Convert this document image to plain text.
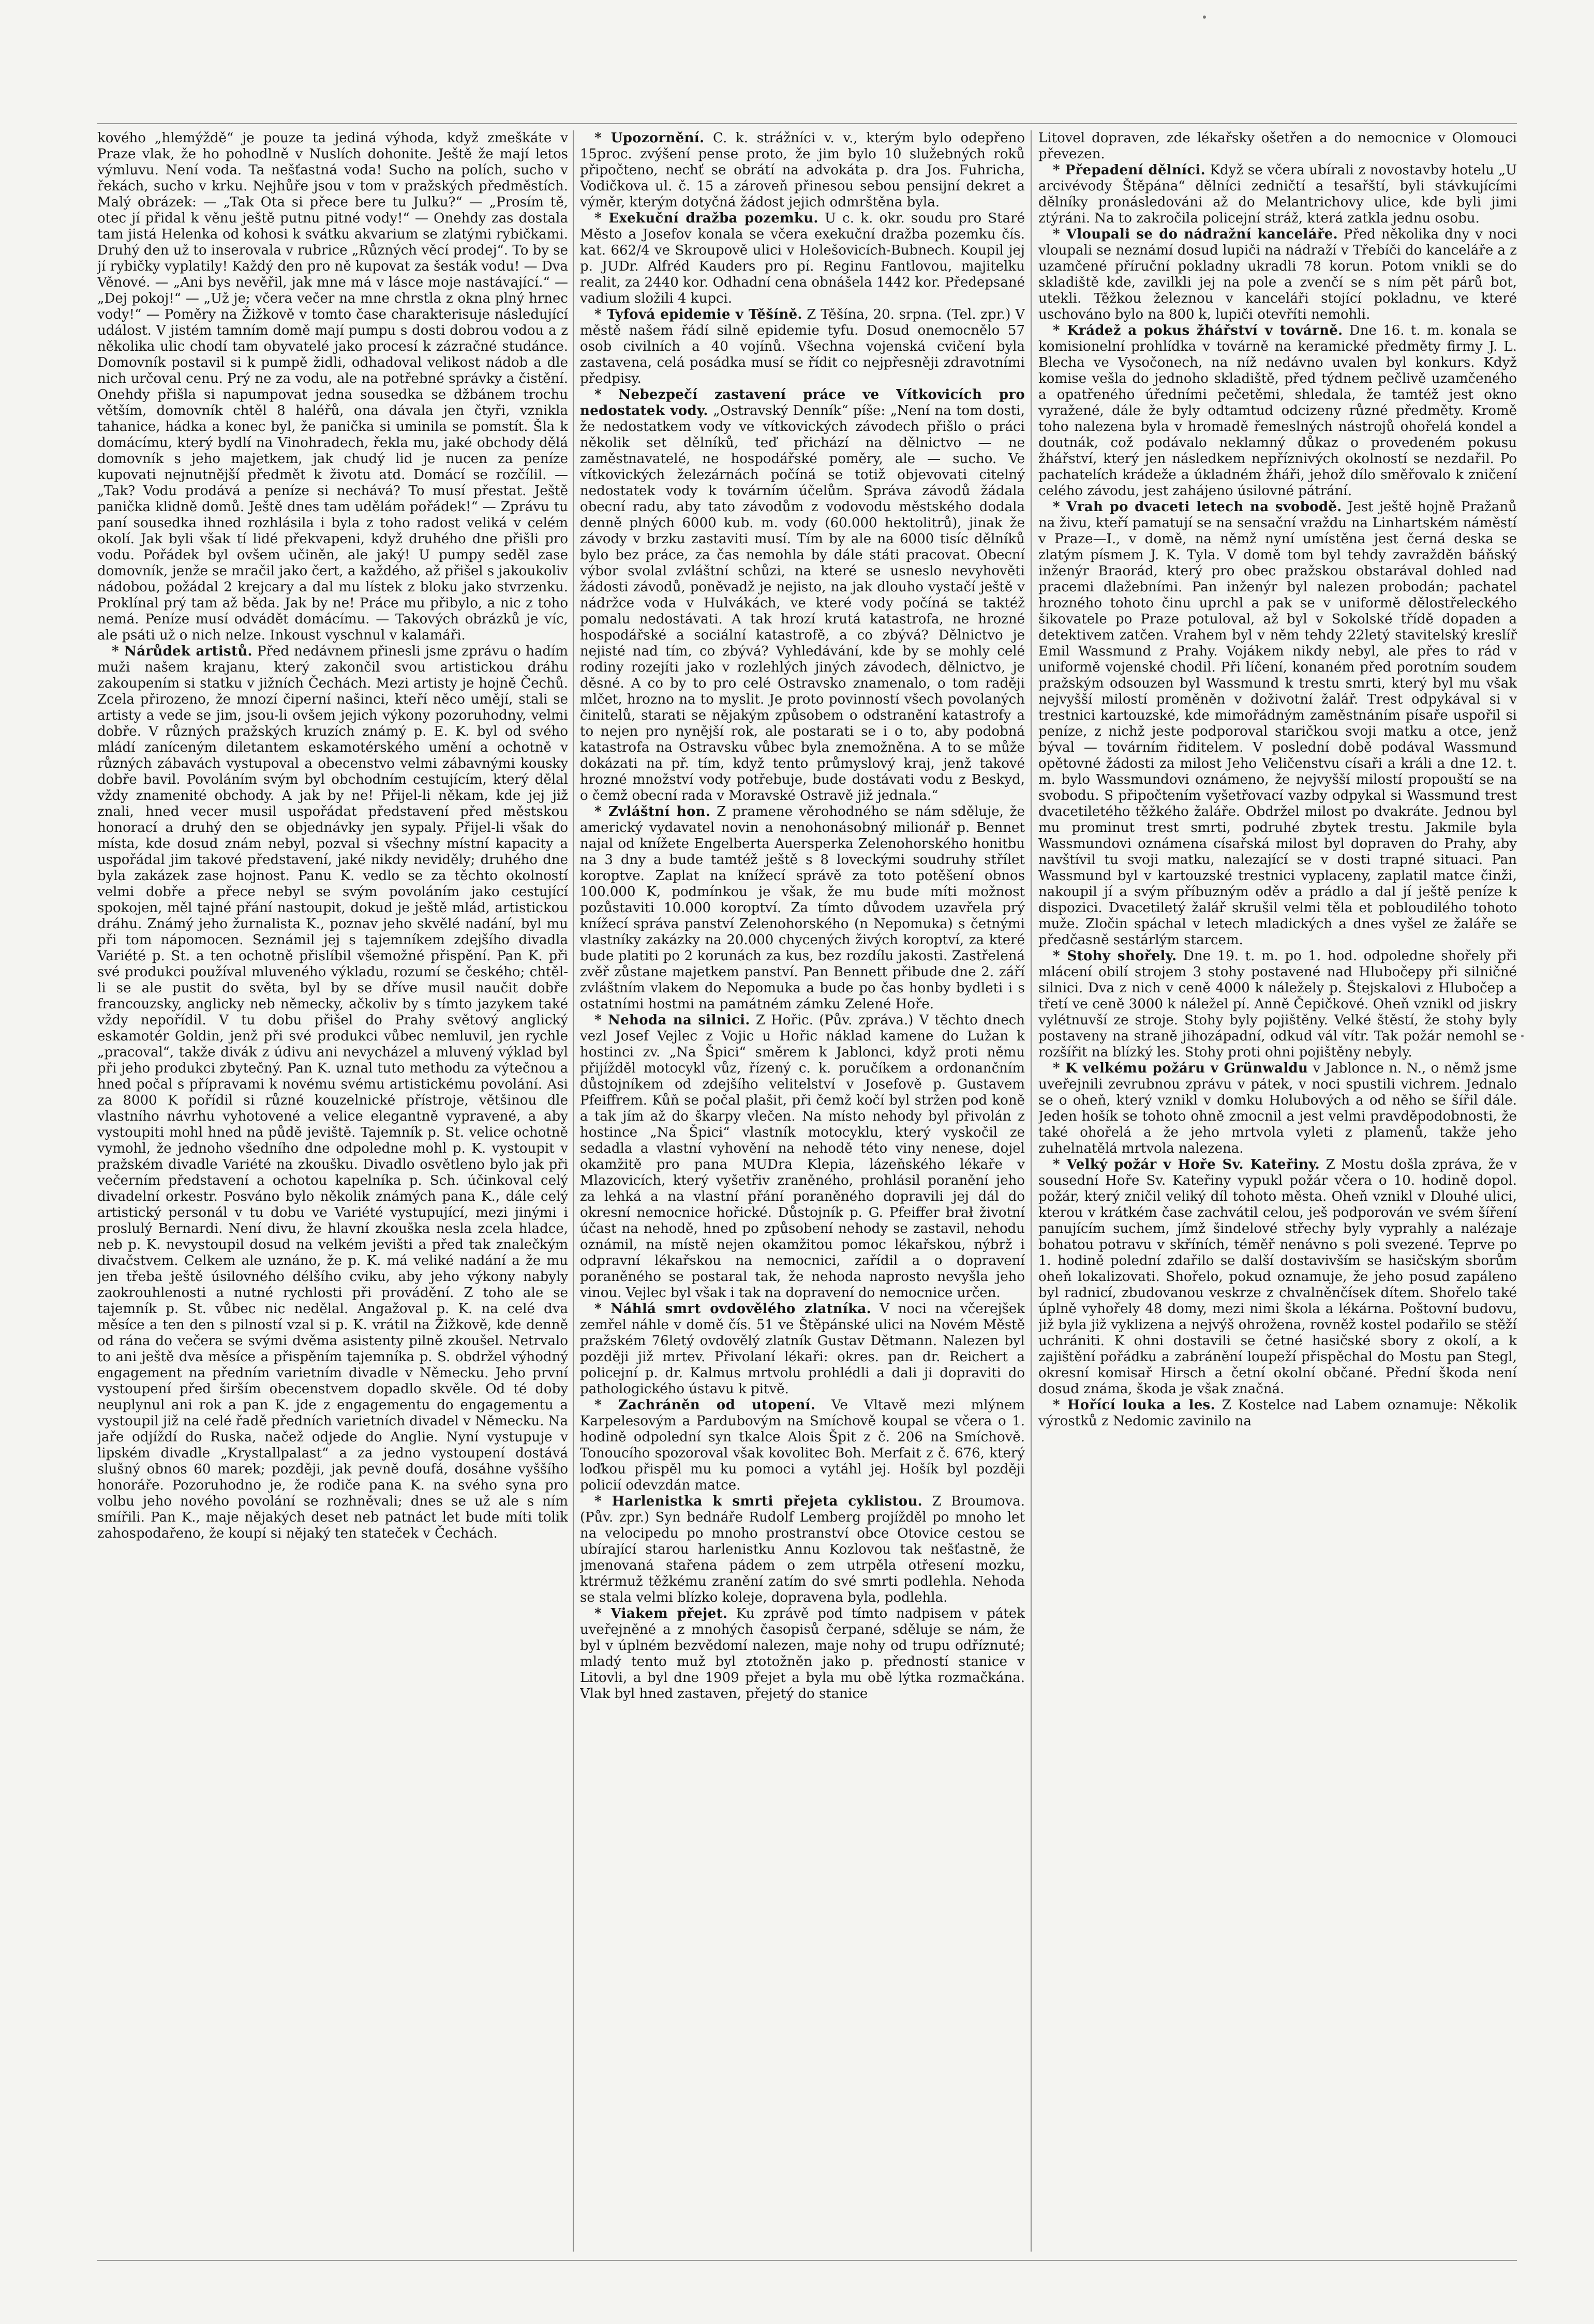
kového „hlemýždě“ je pouze ta jediná výhoda, když zmeškáte v Praze vlak, že ho pohodlně v Nuslích dohonite. Ještě že mají letos výmluvu. Není voda. Ta nešťastná voda! Sucho na polích, sucho v řekách, sucho v krku. Nejhůře jsou v tom v pražských předměstích. Malý obrázek: — „Tak Ota si přece bere tu Julku?“ — „Prosím tě, otec jí přidal k věnu ještě putnu pitné vody!“ — Onehdy zas dostala tam jistá Helenka od kohosi k svátku akvarium se zlatými rybičkami. Druhý den už to inserovala v rubrice „Různých věcí prodej“. To by se jí rybičky vyplatily! Každý den pro ně kupovat za šesták vodu! — Dva Věnové. — „Ani bys nevěřil, jak mne má v lásce moje nastávající.“ — „Dej pokoj!“ — „Už je; včera večer na mne chrstla z okna plný hrnec vody!“ — Poměry na Žižkově v tomto čase charakterisuje následující událost. V jistém tamním domě mají pumpu s dosti dobrou vodou a z několika ulic chodí tam obyvatelé jako procesí k zázračné studánce. Domovník postavil si k pumpě židli, odhadoval velikost nádob a dle nich určoval cenu. Prý ne za vodu, ale na potřebné správky a čistění. Onehdy přišla si napumpovat jedna sousedka se džbánem trochu větším, domovník chtěl 8 haléřů, ona dávala jen čtyři, vznikla tahanice, hádka a konec byl, že panička si uminila se pomstít. Šla k domácímu, který bydlí na Vinohradech, řekla mu, jaké obchody dělá domovník s jeho majetkem, jak chudý lid je nucen za peníze kupovati nejnutnější předmět k životu atd. Domácí se rozčílil. — „Tak? Vodu prodává a peníze si nechává? To musí přestat. Ještě panička klidně domů. Ještě dnes tam udělám pořádek!“ — Zprávu tu paní sousedka ihned rozhlásila i byla z toho radost veliká v celém okolí. Jak byli však tí lidé překvapeni, když druhého dne přišli pro vodu. Pořádek byl ovšem učiněn, ale jaký! U pumpy seděl zase domovník, jenže se mračil jako čert, a každého, až přišel s jakoukoliv nádobou, požádal 2 krejcary a dal mu lístek z bloku jako stvrzenku. Proklínal prý tam až běda. Jak by ne! Práce mu přibylo, a nic z toho nemá. Peníze musí odvádět domácímu. — Takových obrázků je víc, ale psáti už o nich nelze. Inkoust vyschnul v kalamáři.

* Nárůdek artistů. Před nedávnem přinesli jsme zprávu o hadím muži našem krajanu, který zakončil svou artistickou dráhu zakoupením si statku v jižních Čechách. Mezi artisty je hojně Čechů. Zcela přirozeno, že mnozí čiperní našinci, kteří něco umějí, stali se artisty a vede se jim, jsou-li ovšem jejich výkony pozoruhodny, velmi dobře. V různých pražských kruzích známý p. E. K. byl od svého mládí zaníceným diletantem eskamotérského umění a ochotně v různých zábavách vystupoval a obecenstvo velmi zábavnými kousky dobře bavil. Povoláním svým byl obchodním cestujícím, který dělal vždy znamenité obchody. A jak by ne! Přijel-li někam, kde jej již znali, hned vecer musil uspořádat představení před městskou honorací a druhý den se objednávky jen sypaly. Přijel-li však do místa, kde dosud znám nebyl, pozval si všechny místní kapacity a uspořádal jim takové představení, jaké nikdy neviděly; druhého dne byla zakázek zase hojnost. Panu K. vedlo se za těchto okolností velmi dobře a přece nebyl se svým povoláním jako cestující spokojen, měl tajné přání nastoupit, dokud je ještě mlád, artistickou dráhu. Známý jeho žurnalista K., poznav jeho skvělé nadání, byl mu při tom nápomocen. Seznámil jej s tajemníkem zdejšího divadla Variété p. St. a ten ochotně přislíbil všemožné přispění. Pan K. při své produkci používal mluveného výkladu, rozumí se českého; chtěl-li se ale pustit do světa, byl by se dříve musil naučit dobře francouzsky, anglicky neb německy, ačkoliv by s tímto jazykem také vždy nepořídil. V tu dobu přišel do Prahy světový anglický eskamotér Goldin, jenž při své produkci vůbec nemluvil, jen rychle „pracoval“, takže divák z údivu ani nevycházel a mluvený výklad byl při jeho produkci zbytečný. Pan K. uznal tuto methodu za výtečnou a hned počal s přípravami k novému svému artistickému povolání. Asi za 8000 K pořídil si různé kouzelnické přístroje, většinou dle vlastního návrhu vyhotovené a velice elegantně vypravené, a aby vystoupiti mohl hned na půdě jeviště. Tajemník p. St. velice ochotně vymohl, že jednoho všedního dne odpoledne mohl p. K. vystoupit v pražském divadle Variété na zkoušku. Divadlo osvětleno bylo jak při večerním představení a ochotou kapelníka p. Sch. účinkoval celý divadelní orkestr. Posváno bylo několik známých pana K., dále celý artistický personál v tu dobu ve Variété vystupující, mezi jinými i proslulý Bernardi. Není divu, že hlavní zkouška nesla zcela hladce, neb p. K. nevystoupil dosud na velkém jevišti a před tak znalečkým divačstvem. Celkem ale uznáno, že p. K. má veliké nadání a že mu jen třeba ještě úsilovného délšího cviku, aby jeho výkony nabyly zaokrouhlenosti a nutné rychlosti při provádění. Z toho ale se tajemník p. St. vůbec nic nedělal. Angažoval p. K. na celé dva měsíce a ten den s pilností vzal si p. K. vrátil na Žižkově, kde denně od rána do večera se svými dvěma asistenty pilně zkoušel. Netrvalo to ani ještě dva měsíce a přispěním tajemníka p. S. obdržel výhodný engagement na předním varietním divadle v Německu. Jeho první vystoupení před širším obecenstvem dopadlo skvěle. Od té doby neuplynul ani rok a pan K. jde z engagementu do engagementu a vystoupil již na celé řadě předních varietních divadel v Německu. Na jaře odjíždí do Ruska, načež odjede do Anglie. Nyní vystupuje v lipském divadle „Krystallpalast“ a za jedno vystoupení dostává slušný obnos 60 marek; později, jak pevně doufá, dosáhne vyššího honoráře. Pozoruhodno je, že rodiče pana K. na svého syna pro volbu jeho nového povolání se rozhněvali; dnes se už ale s ním smířili. Pan K., maje nějakých deset neb patnáct let bude míti tolik zahospodařeno, že koupí si nějaký ten stateček v Čechách.

* Upozornění. C. k. strážníci v. v., kterým bylo odepřeno 15proc. zvýšení pense proto, že jim bylo 10 služebných roků připočteno, nechť se obrátí na advokáta p. dra Jos. Fuhricha, Vodičkova ul. č. 15 a zároveň přinesou sebou pensijní dekret a výměr, kterým dotyčná žádost jejich odmrštěna byla.

* Exekuční dražba pozemku. U c. k. okr. soudu pro Staré Město a Josefov konala se včera exekuční dražba pozemku čís. kat. 662/4 ve Skroupově ulici v Holešovicích-Bubnech. Koupil jej p. JUDr. Alfréd Kauders pro pí. Reginu Fantlovou, majitelku realit, za 2440 kor. Odhadní cena obnášela 1442 kor. Předepsané vadium složili 4 kupci.

* Tyfová epidemie v Těšíně. Z Těšína, 20. srpna. (Tel. zpr.) V městě našem řádí silně epidemie tyfu. Dosud onemocnělo 57 osob civilních a 40 vojínů. Všechna vojenská cvičení byla zastavena, celá posádka musí se řídit co nejpřesněji zdravotními předpisy.

* Nebezpečí zastavení práce ve Vítkovicích pro nedostatek vody. „Ostravský Denník“ píše: „Není na tom dosti, že nedostatkem vody ve vítkovických závodech přišlo o práci několik set dělníků, teď přichází na dělnictvo — ne zaměstnavatelé, ne hospodářské poměry, ale — sucho. Ve vítkovických železárnách počíná se totiž objevovati citelný nedostatek vody k továrním účelům. Správa závodů žádala obecní radu, aby tato závodům z vodovodu městského dodala denně plných 6000 kub. m. vody (60.000 hektolitrů), jinak že závody v brzku zastaviti musí. Tím by ale na 6000 tisíc dělníků bylo bez práce, za čas nemohla by dále státi pracovat. Obecní výbor svolal zvláštní schůzi, na které se usneslo nevyhověti žádosti závodů, poněvadž je nejisto, na jak dlouho vystačí ještě v nádržce voda v Hulvákách, ve které vody počíná se taktéž pomalu nedostávati. A tak hrozí krutá katastrofa, ne hrozné hospodářské a sociální katastrofě, a co zbývá? Dělnictvo je nejisté nad tím, co zbývá? Vyhledávání, kde by se mohly celé rodiny rozejíti jako v rozlehlých jiných závodech, dělnictvo, je děsné. A co by to pro celé Ostravsko znamenalo, o tom raději mlčet, hrozno na to myslit. Je proto povinností všech povolaných činitelů, starati se nějakým způsobem o odstranění katastrofy a to nejen pro nynější rok, ale postarati se i o to, aby podobná katastrofa na Ostravsku vůbec byla znemožněna. A to se může dokázati na př. tím, když tento průmyslový kraj, jenž takové hrozné množství vody potřebuje, bude dostávati vodu z Beskyd, o čemž obecní rada v Moravské Ostravě již jednala.“

* Zvláštní hon. Z pramene věrohodného se nám sděluje, že americký vydavatel novin a nenohonásobný milionář p. Bennet najal od knížete Engelberta Auersperka Zelenohorského honitbu na 3 dny a bude tamtéž ještě s 8 loveckými soudruhy střílet koroptve. Zaplat na knížecí správě za toto potěšení obnos 100.000 K, podmínkou je však, že mu bude míti možnost pozůstaviti 10.000 koroptví. Za tímto důvodem uzavřela prý knížecí správa panství Zelenohorského (n Nepomuka) s četnými vlastníky zakázky na 20.000 chycených živých koroptví, za které bude platiti po 2 korunách za kus, bez rozdílu jakosti. Zastřelená zvěř zůstane majetkem panství. Pan Bennett přibude dne 2. září zvláštním vlakem do Nepomuka a bude po čas honby bydleti i s ostatními hostmi na památném zámku Zelené Hoře.

* Nehoda na silnici. Z Hořic. (Pův. zpráva.) V těchto dnech vezl Josef Vejlec z Vojic u Hořic náklad kamene do Lužan k hostinci zv. „Na Špici“ směrem k Jablonci, když proti němu přijížděl motocykl vůz, řízený c. k. poručíkem a ordonančním důstojníkem od zdejšího velitelství v Josefově p. Gustavem Pfeiffrem. Kůň se počal plašit, při čemž kočí byl stržen pod koně a tak jím až do škarpy vlečen. Na místo nehody byl přivolán z hostince „Na Špici“ vlastník motocyklu, který vyskočil ze sedadla a vlastní vyhovění na nehodě této viny nenese, dojel okamžitě pro pana MUDra Klepia, lázeňského lékaře v Mlazovicích, který vyšetřiv zraněného, prohlásil poranění jeho za lehká a na vlastní přání poraněného dopravili jej dál do okresní nemocnice hořické. Důstojník p. G. Pfeiffer brał životní účast na nehodě, hned po způsobení nehody se zastavil, nehodu oznámil, na místě nejen okamžitou pomoc lékařskou, nýbrž i odpravní lékařskou na nemocnici, zařídil a o dopravení poraněného se postaral tak, že nehoda naprosto nevyšla jeho vinou. Vejlec byl však i tak na dopravení do nemocnice určen.

* Náhlá smrt ovdovělého zlatníka. V noci na včerejšek zemřel náhle v domě čís. 51 ve Štěpánské ulici na Novém Městě pražském 76letý ovdovělý zlatník Gustav Dětmann. Nalezen byl později již mrtev. Přivolaní lékaři: okres. pan dr. Reichert a policejní p. dr. Kalmus mrtvolu prohlédli a dali ji dopraviti do pathologického ústavu k pitvě.

* Zachráněn od utopení. Ve Vltavě mezi mlýnem Karpelesovým a Pardubovým na Smíchově koupal se včera o 1. hodině odpolední syn tkalce Alois Špit z č. 206 na Smíchově. Tonoucího spozoroval však kovolitec Boh. Merfait z č. 676, který loďkou přispěl mu ku pomoci a vytáhl jej. Hošík byl později policií odevzdán matce.

* Harlenistka k smrti přejeta cyklistou. Z Broumova. (Pův. zpr.) Syn bednáře Rudolf Lemberg projížděl po mnoho let na velocipedu po mnoho prostranství obce Otovice cestou se ubírající starou harlenistku Annu Kozlovou tak nešťastně, že jmenovaná stařena pádem o zem utrpěla otřesení mozku, ktrérmuž těžkému zranění zatím do své smrti podlehla. Nehoda se stala velmi blízko koleje, dopravena byla, podlehla.

* Viakem přejet. Ku zprávě pod tímto nadpisem v pátek uveřejněné a z mnohých časopisů čerpané, sděluje se nám, že byl v úplném bezvědomí nalezen, maje nohy od trupu odříznuté; mladý tento muž byl ztotožněn jako p. předností stanice v Litovli, a byl dne 1909 přejet a byla mu obě lýtka rozmačkána. Vlak byl hned zastaven, přejetý do stanice

Litovel dopraven, zde lékařsky ošetřen a do nemocnice v Olomouci převezen.

* Přepadení dělníci. Když se včera ubírali z novostavby hotelu „U arcivévody Štěpána“ dělníci zedničtí a tesařští, byli stávkujícími dělníky pronásledováni až do Melantrichovy ulice, kde byli jimi ztýráni. Na to zakročila policejní stráž, která zatkla jednu osobu.

* Vloupali se do nádražní kanceláře. Před několika dny v noci vloupali se neznámí dosud lupiči na nádraží v Třebíči do kanceláře a z uzamčené příruční pokladny ukradli 78 korun. Potom vnikli se do skladiště kde, zavilkli jej na pole a zvenčí se s ním pět párů bot, utekli. Těžkou železnou v kanceláři stojící pokladnu, ve které uschováno bylo na 800 k, lupiči otevříti nemohli.

* Krádež a pokus žhářství v továrně. Dne 16. t. m. konala se komisionelní prohlídka v továrně na keramické předměty firmy J. L. Blecha ve Vysočonech, na níž nedávno uvalen byl konkurs. Když komise vešla do jednoho skladiště, před týdnem pečlivě uzamčeného a opatřeného úředními pečetěmi, shledala, že tamtéž jest okno vyražené, dále že byly odtamtud odcizeny různé předměty. Kromě toho nalezena byla v hromadě řemeslných nástrojů ohořelá kondel a doutnák, což podávalo neklamný důkaz o provedeném pokusu žhářství, který jen následkem nepříznivých okolností se nezdařil. Po pachatelích krádeže a úkladném žháři, jehož dílo směřovalo k zničení celého závodu, jest zahájeno úsilovné pátrání.

* Vrah po dvaceti letech na svobodě. Jest ještě hojně Pražanů na živu, kteří pamatují se na sensační vraždu na Linhartském náměstí v Praze—I., v domě, na němž nyní umístěna jest černá deska se zlatým písmem J. K. Tyla. V domě tom byl tehdy zavražděn báňský inženýr Braorád, který pro obec pražskou obstarával dohled nad pracemi dlažebními. Pan inženýr byl nalezen probodán; pachatel hrozného tohoto činu uprchl a pak se v uniformě dělostřeleckého šikovatele po Praze potuloval, až byl v Sokolské třídě dopaden a detektivem zatčen. Vrahem byl v něm tehdy 22letý stavitelský kreslíř Emil Wassmund z Prahy. Vojákem nikdy nebyl, ale přes to rád v uniformě vojenské chodil. Při líčení, konaném před porotním soudem pražským odsouzen byl Wassmund k trestu smrti, který byl mu však nejvyšší milostí proměněn v doživotní žalář. Trest odpykával si v trestnici kartouzské, kde mimořádným zaměstnáním písaře uspořil si peníze, z nichž jeste podporoval staričkou svoji matku a otce, jenž býval — továrním řiditelem. V poslední době podával Wassmund opětovné žádosti za milost Jeho Veličenstvu císaři a králi a dne 12. t. m. bylo Wassmundovi oznámeno, že nejvyšší milostí propouští se na svobodu. S připočtením vyšetřovací vazby odpykal si Wassmund trest dvacetiletého těžkého žaláře. Obdržel milost po dvakráte. Jednou byl mu prominut trest smrti, podruhé zbytek trestu. Jakmile byla Wassmundovi oznámena císařská milost byl dopraven do Prahy, aby navštívil tu svoji matku, nalezající se v dosti trapné situaci. Pan Wassmund byl v kartouzské trestnici vyplaceny, zaplatil matce činži, nakoupil jí a svým příbuzným oděv a prádlo a dal jí ještě peníze k dispozici. Dvacetiletý žalář skrušil velmi těla et pobloudilého tohoto muže. Zločin spáchal v letech mladických a dnes vyšel ze žaláře se předčasně sestárlým starcem.

* Stohy shořely. Dne 19. t. m. po 1. hod. odpoledne shořely při mlácení obilí strojem 3 stohy postavené nad Hlubočepy při silničné silnici. Dva z nich v ceně 4000 k náležely p. Štejskalovi z Hlubočep a třetí ve ceně 3000 k náležel pí. Anně Čepičkové. Oheň vznikl od jiskry vylétnuvší ze stroje. Stohy byly pojištěny. Velké štěstí, že stohy byly postaveny na straně jihozápadní, odkud vál vítr. Tak požár nemohl se rozšířit na blízký les. Stohy proti ohni pojištěny nebyly.

* K velkému požáru v Grünwaldu v Jablonce n. N., o němž jsme uveřejnili zevrubnou zprávu v pátek, v noci spustili vichrem. Jednalo se o oheň, který vznikl v domku Holubových a od něho se šířil dále. Jeden hošík se tohoto ohně zmocnil a jest velmi pravděpodobnosti, že také ohořelá a že jeho mrtvola vyleti z plamenů, takže jeho zuhelnatělá mrtvola nalezena.

* Velký požár v Hoře Sv. Kateřiny. Z Mostu došla zpráva, že v sousední Hoře Sv. Kateřiny vypukl požár včera o 10. hodině dopol. požár, který zničil veliký díl tohoto města. Oheň vznikl v Dlouhé ulici, kterou v krátkém čase zachvátil celou, ješ podporován ve svém šíření panujícím suchem, jímž šindelové střechy byly vyprahly a nalézaje bohatou potravu v skříních, téměř nenávno s poli svezené. Teprve po 1. hodině polední zdařilo se další dostavivším se hasičským sborům oheň lokalizovati. Shořelo, pokud oznamuje, že jeho posud zapáleno byl radnicí, zbudovanou veskrze z chvalněnčísek dítem. Shořelo také úplně vyhořely 48 domy, mezi nimi škola a lékárna. Poštovní budovu, již byla již vyklizena a nejvýš ohrožena, rovněž kostel podařilo se stěží uchrániti. K ohni dostavili se četné hasičské sbory z okolí, a k zajištění pořádku a zabránění loupeží přispěchal do Mostu pan Stegl, okresní komisař Hirsch a četní okolní občané. Přední škoda není dosud známa, škoda je však značná.

* Hořící louka a les. Z Kostelce nad Labem oznamuje: Několik výrostků z Nedomic zavinilo na
